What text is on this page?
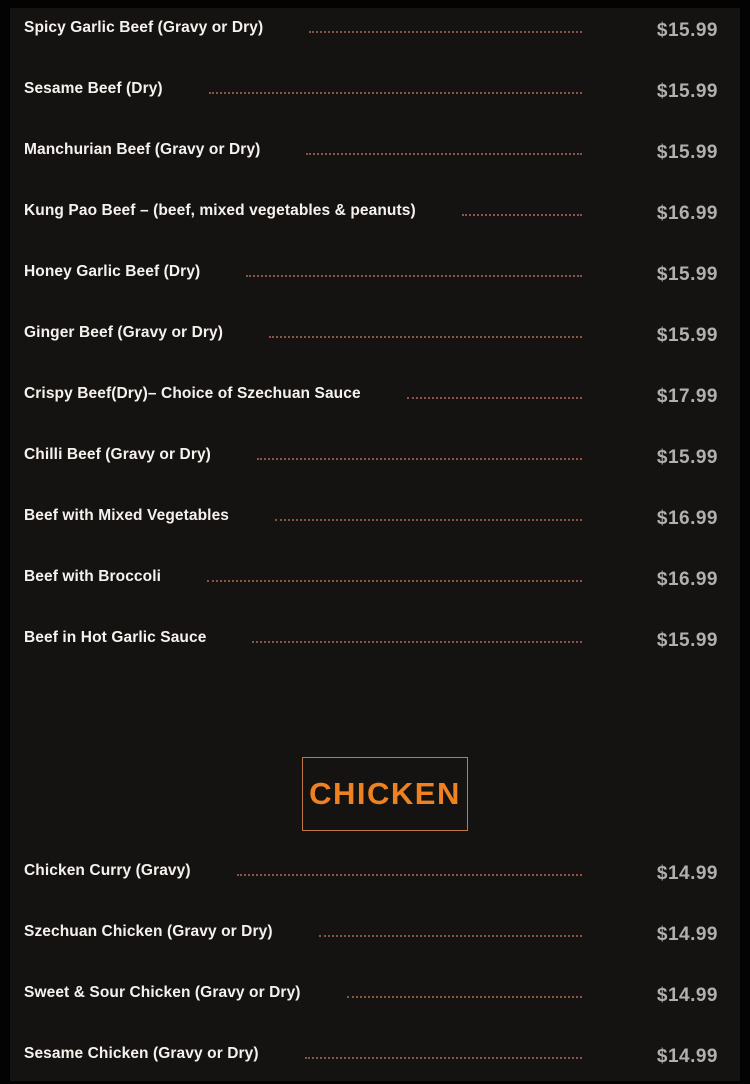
Spicy Garlic Beef (Gravy or Dry)	$15.99
Sesame Beef (Dry)	$15.99
Manchurian Beef (Gravy or Dry)	$15.99
Kung Pao Beef – (beef, mixed vegetables & peanuts)	$16.99
Honey Garlic Beef (Dry)	$15.99
Ginger Beef (Gravy or Dry)	$15.99
Crispy Beef(Dry)– Choice of Szechuan Sauce	$17.99
Chilli Beef (Gravy or Dry)	$15.99
Beef with Mixed Vegetables	$16.99
Beef with Broccoli	$16.99
Beef in Hot Garlic Sauce	$15.99
CHICKEN
Chicken Curry (Gravy)	$14.99
Szechuan Chicken (Gravy or Dry)	$14.99
Sweet & Sour Chicken (Gravy or Dry)	$14.99
Sesame Chicken (Gravy or Dry)	$14.99
